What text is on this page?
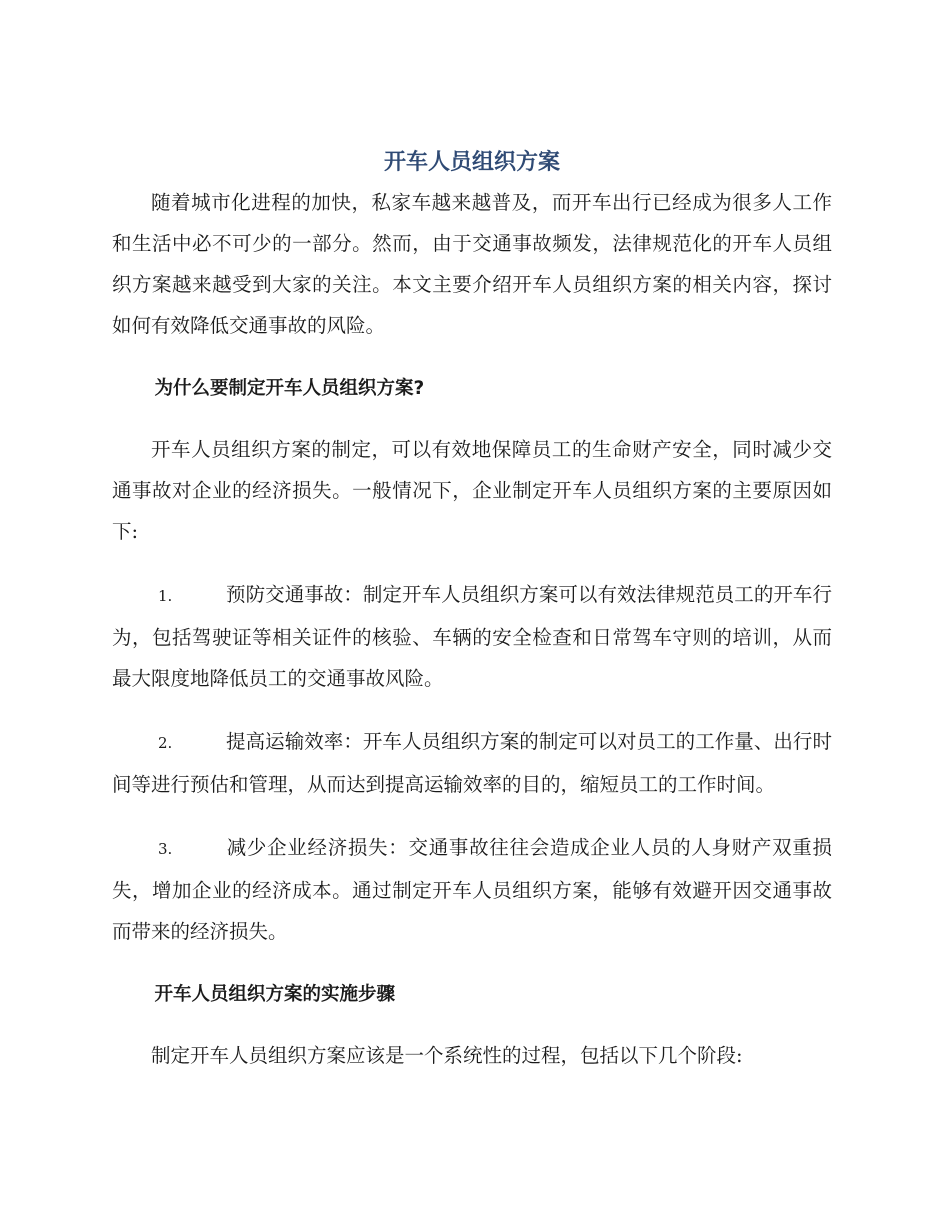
开车人员组织方案

随着城市化进程的加快，私家车越来越普及，而开车出行已经成为很多人工作和生活中必不可少的一部分。然而，由于交通事故频发，法律规范化的开车人员组织方案越来越受到大家的关注。本文主要介绍开车人员组织方案的相关内容，探讨如何有效降低交通事故的风险。

为什么要制定开车人员组织方案?

开车人员组织方案的制定，可以有效地保障员工的生命财产安全，同时减少交通事故对企业的经济损失。一般情况下，企业制定开车人员组织方案的主要原因如下:

1.	预防交通事故：制定开车人员组织方案可以有效法律规范员工的开车行为，包括驾驶证等相关证件的核验、车辆的安全检查和日常驾车守则的培训，从而最大限度地降低员工的交通事故风险。

2.	提高运输效率：开车人员组织方案的制定可以对员工的工作量、出行时间等进行预估和管理，从而达到提高运输效率的目的，缩短员工的工作时间。

3.	减少企业经济损失：交通事故往往会造成企业人员的人身财产双重损失，增加企业的经济成本。通过制定开车人员组织方案，能够有效避开因交通事故而带来的经济损失。

开车人员组织方案的实施步骤

制定开车人员组织方案应该是一个系统性的过程，包括以下几个阶段:
